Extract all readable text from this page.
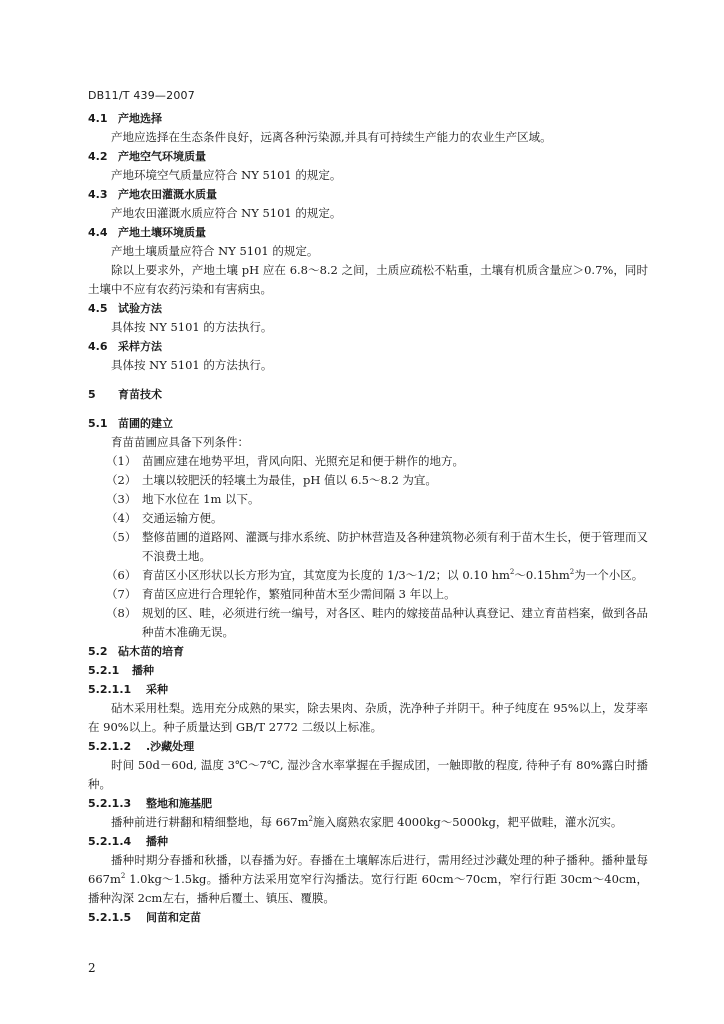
DB11/T 439—2007
4.1 产地选择
产地应选择在生态条件良好，远离各种污染源,并具有可持续生产能力的农业生产区域。
4.2 产地空气环境质量
产地环境空气质量应符合 NY 5101 的规定。
4.3 产地农田灌溉水质量
产地农田灌溉水质应符合 NY 5101 的规定。
4.4 产地土壤环境质量
产地土壤质量应符合 NY 5101 的规定。
除以上要求外，产地土壤 pH 应在 6.8～8.2 之间，土质应疏松不粘重，土壤有机质含量应＞0.7%，同时土壤中不应有农药污染和有害病虫。
4.5 试验方法
具体按 NY 5101 的方法执行。
4.6 采样方法
具体按 NY 5101 的方法执行。
5 育苗技术
5.1 苗圃的建立
育苗苗圃应具备下列条件：
（1） 苗圃应建在地势平坦，背风向阳、光照充足和便于耕作的地方。
（2） 土壤以较肥沃的轻壤土为最佳，pH 值以 6.5～8.2 为宜。
（3） 地下水位在 1m 以下。
（4） 交通运输方便。
（5） 整修苗圃的道路网、灌溉与排水系统、防护林营造及各种建筑物必须有利于苗木生长，便于管理而又不浪费土地。
（6） 育苗区小区形状以长方形为宜，其宽度为长度的 1/3～1/2；以 0.10 $hm^2\sim 0.15hm^2$为一个小区。
（7） 育苗区应进行合理轮作，繁殖同种苗木至少需间隔 3 年以上。
（8） 规划的区、畦，必须进行统一编号，对各区、畦内的嫁接苗品种认真登记、建立育苗档案，做到各品种苗木准确无误。
5.2 砧木苗的培育
5.2.1 播种
5.2.1.1 采种
砧木采用杜梨。选用充分成熟的果实，除去果肉、杂质，洗净种子并阴干。种子纯度在 95%以上，发芽率在 90%以上。种子质量达到 GB/T 2772 二级以上标准。
5.2.1.2 .沙藏处理
时间 50d－60d, 温度 3℃～7℃, 湿沙含水率掌握在手握成团，一触即散的程度, 待种子有 80%露白时播种。
5.2.1.3 整地和施基肥
播种前进行耕翻和精细整地，每 $667m^2$施入腐熟农家肥 4000kg～5000kg，耙平做畦，灌水沉实。
5.2.1.4 播种
播种时期分春播和秋播，以春播为好。春播在土壤解冻后进行，需用经过沙藏处理的种子播种。播种量每 $667m^2$ 1.0kg～1.5kg。播种方法采用宽窄行沟播法。宽行行距 60cm～70cm，窄行行距 30cm～40cm，播种沟深 2cm左右，播种后覆土、镇压、覆膜。
5.2.1.5 间苗和定苗
2
